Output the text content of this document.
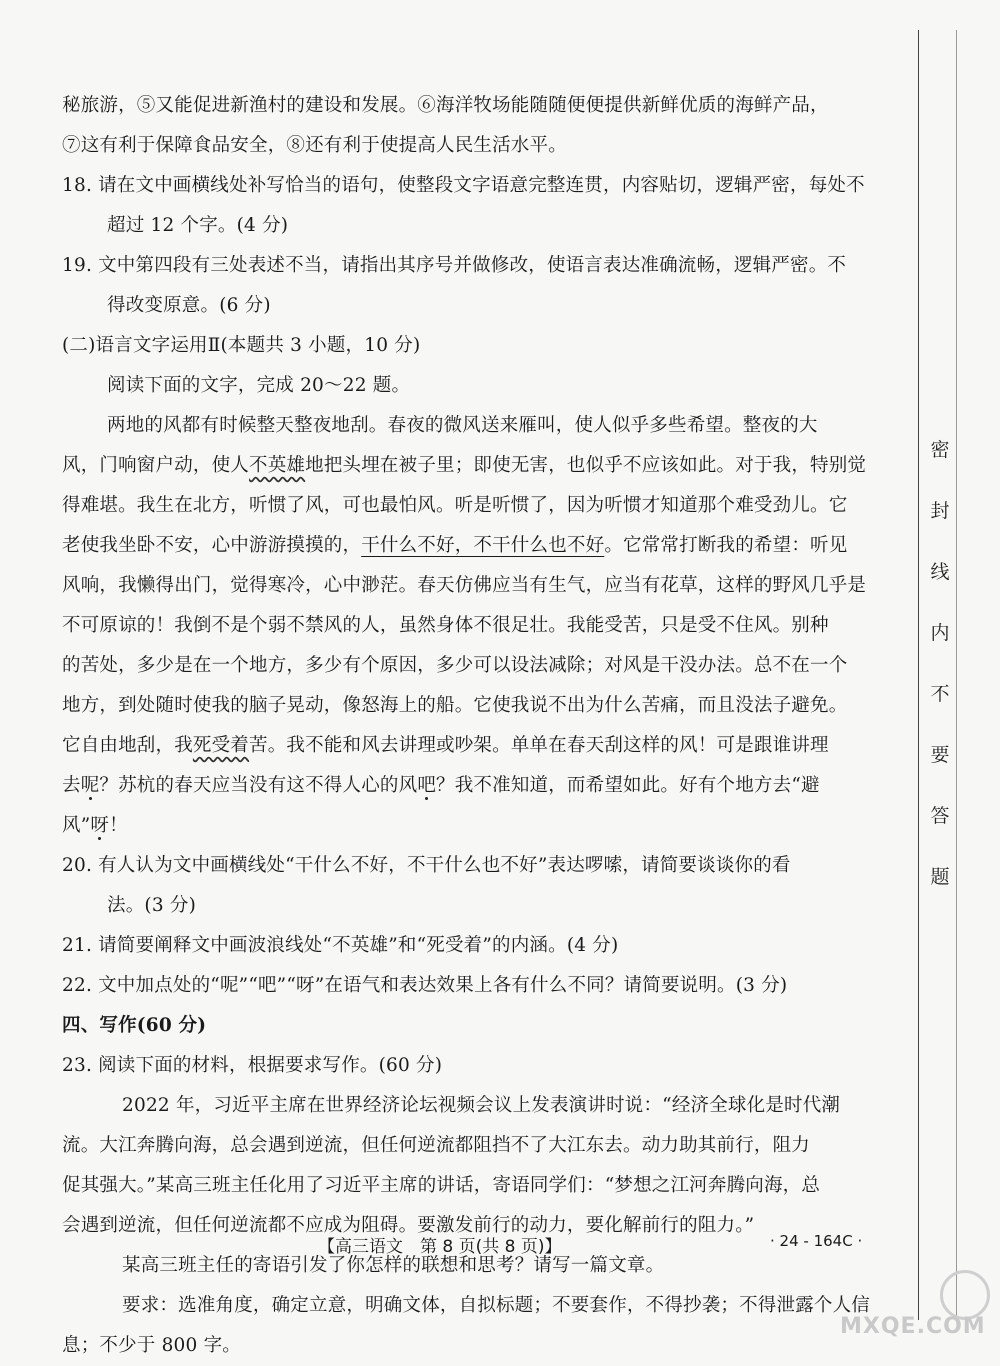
密
封
线
内
不
要
答
题
秘旅游，⑤又能促进新渔村的建设和发展。⑥海洋牧场能随随便便提供新鲜优质的海鲜产品，
⑦这有利于保障食品安全，⑧还有利于使提高人民生活水平。
18. 请在文中画横线处补写恰当的语句，使整段文字语意完整连贯，内容贴切，逻辑严密，每处不
超过 12 个字。(4 分)
19. 文中第四段有三处表述不当，请指出其序号并做修改，使语言表达准确流畅，逻辑严密。不
得改变原意。(6 分)
(二)语言文字运用Ⅱ(本题共 3 小题，10 分)
阅读下面的文字，完成 20～22 题。
两地的风都有时候整天整夜地刮。春夜的微风送来雁叫，使人似乎多些希望。整夜的大
风，门响窗户动，使人不英雄地把头埋在被子里；即使无害，也似乎不应该如此。对于我，特别觉
得难堪。我生在北方，听惯了风，可也最怕风。听是听惯了，因为听惯才知道那个难受劲儿。它
老使我坐卧不安，心中游游摸摸的，干什么不好，不干什么也不好。它常常打断我的希望：听见
风响，我懒得出门，觉得寒冷，心中渺茫。春天仿佛应当有生气，应当有花草，这样的野风几乎是
不可原谅的！我倒不是个弱不禁风的人，虽然身体不很足壮。我能受苦，只是受不住风。别种
的苦处，多少是在一个地方，多少有个原因，多少可以设法减除；对风是干没办法。总不在一个
地方，到处随时使我的脑子晃动，像怒海上的船。它使我说不出为什么苦痛，而且没法子避免。
它自由地刮，我死受着苦。我不能和风去讲理或吵架。单单在春天刮这样的风！可是跟谁讲理
去呢？苏杭的春天应当没有这不得人心的风吧？我不准知道，而希望如此。好有个地方去“避
风”呀！
20. 有人认为文中画横线处“干什么不好，不干什么也不好”表达啰嗦，请简要谈谈你的看
法。(3 分)
21. 请简要阐释文中画波浪线处“不英雄”和“死受着”的内涵。(4 分)
22. 文中加点处的“呢”“吧”“呀”在语气和表达效果上各有什么不同？请简要说明。(3 分)
四、写作(60 分)
23. 阅读下面的材料，根据要求写作。(60 分)
2022 年，习近平主席在世界经济论坛视频会议上发表演讲时说：“经济全球化是时代潮
流。大江奔腾向海，总会遇到逆流，但任何逆流都阻挡不了大江东去。动力助其前行，阻力
促其强大。”某高三班主任化用了习近平主席的讲话，寄语同学们：“梦想之江河奔腾向海，总
会遇到逆流，但任何逆流都不应成为阻碍。要激发前行的动力，要化解前行的阻力。”
某高三班主任的寄语引发了你怎样的联想和思考？请写一篇文章。
要求：选准角度，确定立意，明确文体，自拟标题；不要套作，不得抄袭；不得泄露个人信
息；不少于 800 字。
【高三语文　第 8 页(共 8 页)】	· 24 - 164C ·
MXQE.COM
